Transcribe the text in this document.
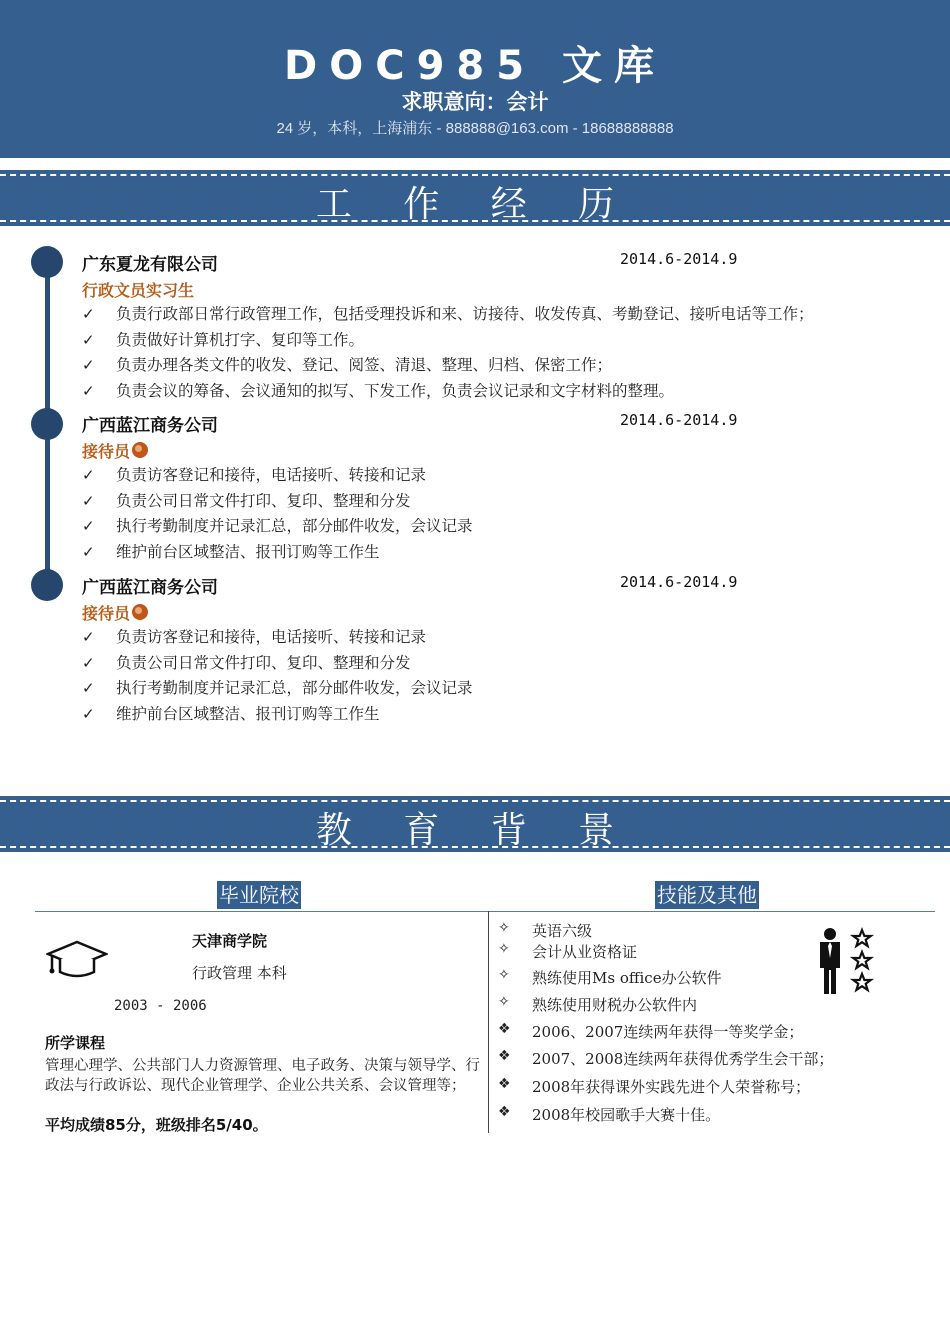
DOC985 文库
求职意向：会计
24 岁，本科，上海浦东 - 888888@163.com - 18688888888
工 作 经 历
广东夏龙有限公司	2014.6-2014.9
行政文员实习生
✓	负责行政部日常行政管理工作，包括受理投诉和来、访接待、收发传真、考勤登记、接听电话等工作；
✓	负责做好计算机打字、复印等工作。
✓	负责办理各类文件的收发、登记、阅签、清退、整理、归档、保密工作；
✓	负责会议的筹备、会议通知的拟写、下发工作，负责会议记录和文字材料的整理。
广西蓝江商务公司	2014.6-2014.9
接待员
✓	负责访客登记和接待，电话接听、转接和记录
✓	负责公司日常文件打印、复印、整理和分发
✓	执行考勤制度并记录汇总，部分邮件收发，会议记录
✓	维护前台区域整洁、报刊订购等工作生
广西蓝江商务公司	2014.6-2014.9
接待员
✓	负责访客登记和接待，电话接听、转接和记录
✓	负责公司日常文件打印、复印、整理和分发
✓	执行考勤制度并记录汇总，部分邮件收发，会议记录
✓	维护前台区域整洁、报刊订购等工作生
教 育 背 景
毕业院校	技能及其他
天津商学院
行政管理 本科
2003 - 2006
所学课程
管理心理学、公共部门人力资源管理、电子政务、决策与领导学、行政法与行政诉讼、现代企业管理学、企业公共关系、会议管理等；
平均成绩85分，班级排名5/40。
✧	英语六级
✧	会计从业资格证
✧	熟练使用Ms office办公软件
✧	熟练使用财税办公软件内
❖	2006、2007连续两年获得一等奖学金；
❖	2007、2008连续两年获得优秀学生会干部；
❖	2008年获得课外实践先进个人荣誉称号；
❖	2008年校园歌手大赛十佳。
